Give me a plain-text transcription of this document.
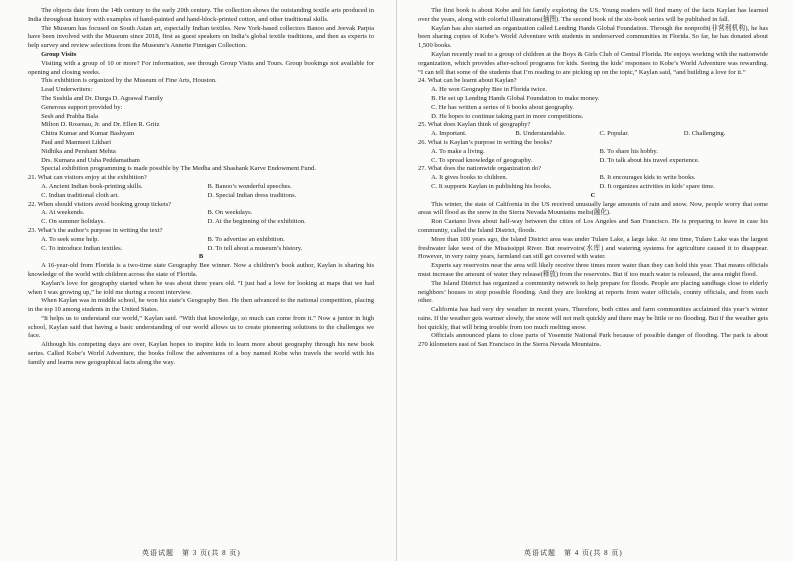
The objects date from the 14th century to the early 20th century. The collection shows the outstanding textile arts produced in India throughout history with examples of hand-painted and hand-block-printed cotton, and other traditional skills.

The Museum has focused on South Asian art, especially Indian textiles. New York-based collectors Banoo and Jeevak Parpia have been involved with the Museum since 2018, first as guest speakers on India’s global textile traditions, and then as experts to help survey and review selections from the Museum’s Annette Finnigan Collection.

Group Visits

Visiting with a group of 10 or more? For information, see through Group Visits and Tours. Group bookings not available for opening and closing weeks.

This exhibition is organized by the Museum of Fine Arts, Houston.

Lead Underwriters:

The Sushila and Dr. Durga D. Agrawal Family

Generous support provided by:

Sesh and Prabha Bala

Milton D. Rosenau, Jr. and Dr. Ellen R. Gritz

Chitra Kumar and Kumar Bashyam

Paul and Manmeet Likhari

Nidhika and Pershant Mehta

Drs. Kumara and Usha Peddamatham

Special exhibition programming is made possible by The Medha and Shashank Karve Endowment Fund.

21. What can visitors enjoy at the exhibition?

A. Ancient Indian book-printing skills.	B. Banoo’s wonderful speeches.
C. Indian traditional cloth art.	D. Special Indian dress traditions.

22. When should visitors avoid booking group tickets?

A. At weekends.	B. On weekdays.
C. On summer holidays.	D. At the beginning of the exhibition.

23. What’s the author’s purpose in writing the text?

A. To seek some help.	B. To advertise an exhibition.
C. To introduce Indian textiles.	D. To tell about a museum’s history.

B

A 16-year-old from Florida is a two-time state Geography Bee winner. Now a children’s book author, Kaylan is sharing his knowledge of the world with children across the state of Florida.

Kaylan’s love for geography started when he was about three years old. “I just had a love for looking at maps that we had when I was growing up,” he told me during a recent interview.

When Kaylan was in middle school, he won his state’s Geography Bee. He then advanced to the national competition, placing in the top 10 among students in the United States.

“It helps us to understand our world,” Kaylan said. “With that knowledge, so much can come from it.” Now a junior in high school, Kaylan said that having a basic understanding of our world allows us to create pioneering solutions to the challenges we face.

Although his competing days are over, Kaylan hopes to inspire kids to learn more about geography through his new book series. Called Kobe’s World Adventure, the books follow the adventures of a boy named Kobe who travels the world with his family and learns new geographical facts along the way.

The first book is about Kobe and his family exploring the US. Young readers will find many of the facts Kaylan has learned over the years, along with colorful illustrations(插图). The second book of the six-book series will be published in fall.

Kaylan has also started an organization called Lending Hands Global Foundation. Through the nonprofit(非营利机构), he has been sharing copies of Kobe’s World Adventure with students in underserved communities in Florida. So far, he has donated about 1,500 books.

Kaylan recently read to a group of children at the Boys & Girls Club of Central Florida. He enjoys working with the nationwide organization, which provides after-school programs for kids. Seeing the kids’ responses to Kobe’s World Adventure was rewarding. “I can tell that some of the students that I’m reading to are picking up on the topic,” Kaylan said, “and building a love for it.”

24. What can be learnt about Kaylan?

A. He won Geography Bee in Florida twice.

B. He set up Lending Hands Global Foundation to make money.

C. He has written a series of 6 books about geography.

D. He hopes to continue taking part in more competitions.

25. What does Kaylan think of geography?

A. Important.	B. Understandable.	C. Popular.	D. Challenging.

26. What is Kaylan’s purpose in writing the books?

A. To make a living.	B. To share his hobby.
C. To spread knowledge of geography.	D. To talk about his travel experience.

27. What does the nationwide organization do?

A. It gives books to children.	B. It encourages kids to write books.
C. It supports Kaylan in publishing his books.	D. It organizes activities in kids’ spare time.

C

This winter, the state of California in the US received unusually large amounts of rain and snow. Now, people worry that some areas will flood as the snow in the Sierra Nevada Mountains melts(融化).

Ron Caetano lives about half-way between the cities of Los Angeles and San Francisco. He is preparing to leave in case his community, called the Island District, floods.

More than 100 years ago, the Island District area was under Tulare Lake, a large lake. At one time, Tulare Lake was the largest freshwater lake west of the Mississippi River. But reservoirs(水库) and watering systems for agriculture caused it to disappear. However, in very rainy years, farmland can still get covered with water.

Experts say reservoirs near the area will likely receive three times more water than they can hold this year. That means officials must increase the amount of water they release(释放) from the reservoirs. But if too much water is released, the area might flood.

The Island District has organized a community network to help prepare for floods. People are placing sandbags close to elderly neighbors’ houses to stop possible flooding. And they are looking at reports from water officials, county officials, and from each other.

California has had very dry weather in recent years. Therefore, both cities and farm communities acclaimed this year’s winter rains. If the weather gets warmer slowly, the snow will not melt quickly and there may be little or no flooding. But if the weather gets hot quickly, that will bring trouble from too much melting snow.

Officials announced plans to close parts of Yosemite National Park because of possible danger of flooding. The park is about 270 kilometers east of San Francisco in the Sierra Nevada Mountains.

英语试题　第 3 页(共 8 页)	英语试题　第 4 页(共 8 页)
